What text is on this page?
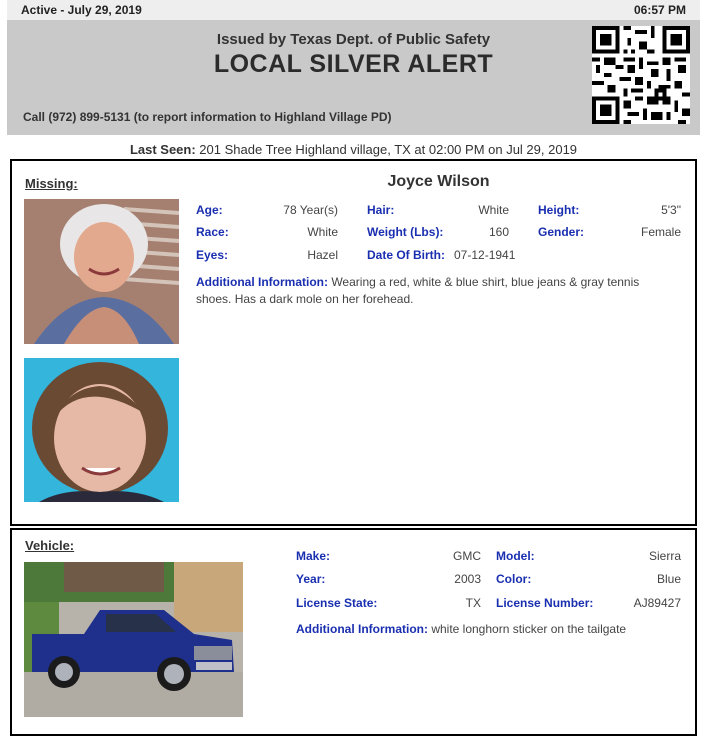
Active - July 29, 2019	06:57 PM
Issued by Texas Dept. of Public Safety
LOCAL SILVER ALERT
Call (972) 899-5131 (to report information to Highland Village PD)
Last Seen: 201 Shade Tree Highland village, TX at 02:00 PM on Jul 29, 2019
Missing:	Joyce Wilson
Age:	78 Year(s) Hair:	White Height:	5'3"
Race:	White Weight (Lbs):	160 Gender:	Female
Eyes:	Hazel Date Of Birth: 07-12-1941
Additional Information: Wearing a red, white & blue shirt, blue jeans & gray tennis shoes. Has a dark mole on her forehead.
Vehicle:
Make:	GMC Model:	Sierra
Year:	2003 Color:	Blue
License State:	TX License Number:	AJ89427
Additional Information: white longhorn sticker on the tailgate
